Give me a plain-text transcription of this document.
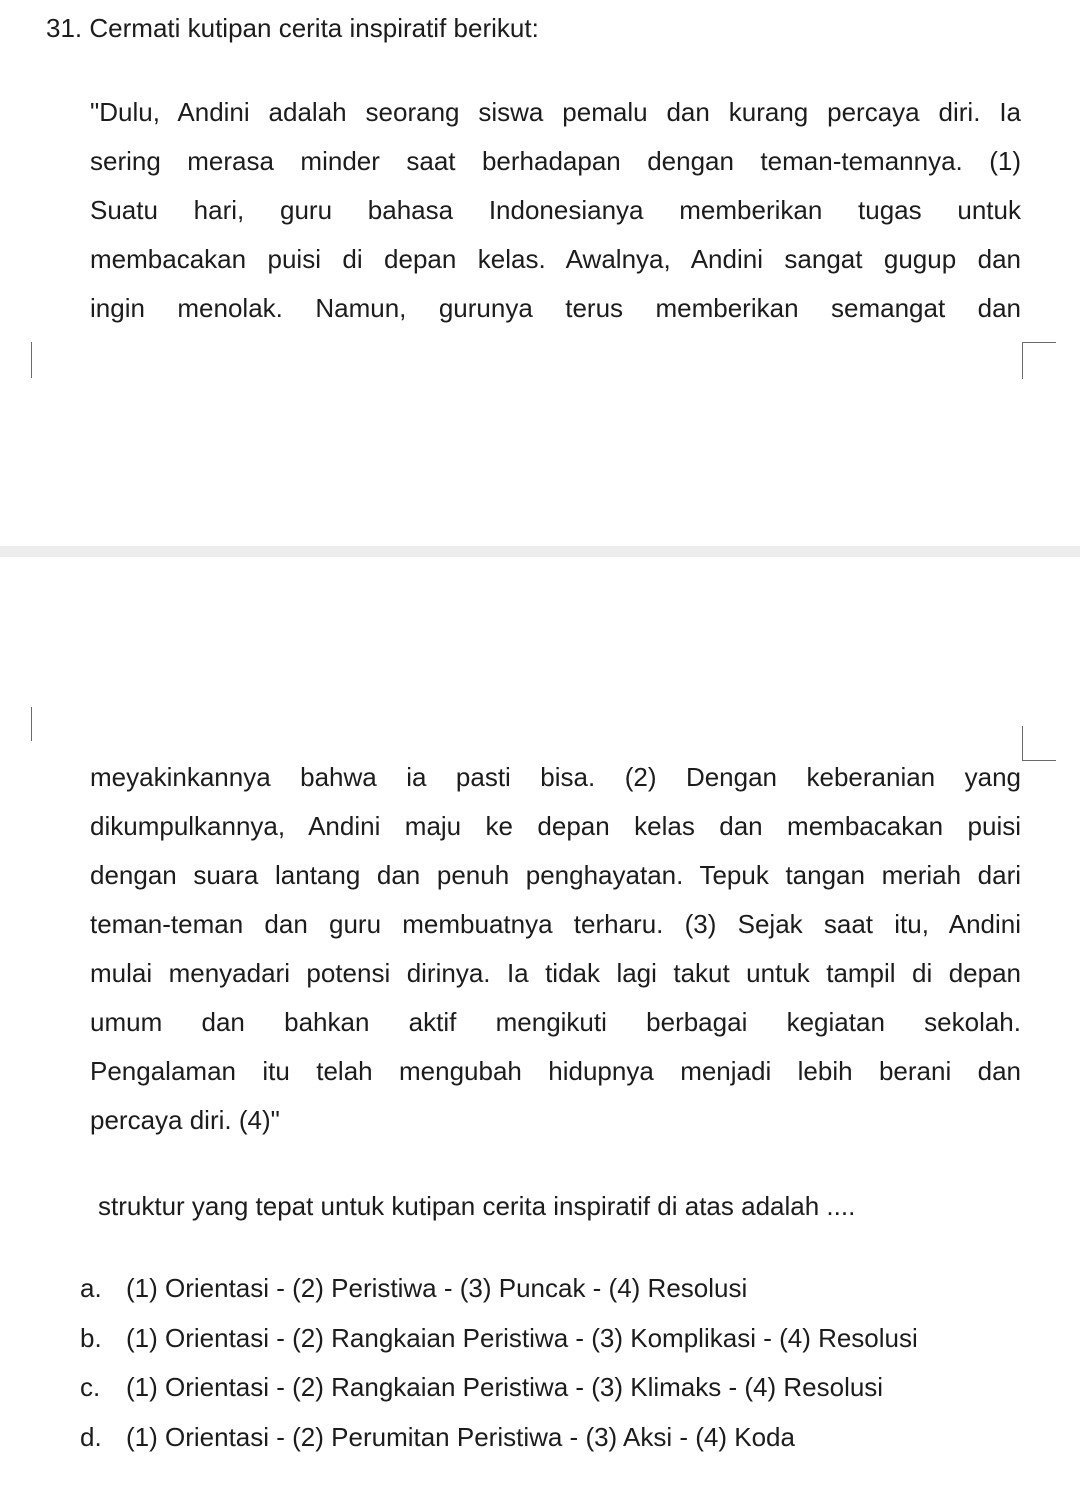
31. Cermati kutipan cerita inspiratif berikut:
"Dulu, Andini adalah seorang siswa pemalu dan kurang percaya diri. Ia
sering merasa minder saat berhadapan dengan teman-temannya. (1)
Suatu hari, guru bahasa Indonesianya memberikan tugas untuk
membacakan puisi di depan kelas. Awalnya, Andini sangat gugup dan
ingin menolak. Namun, gurunya terus memberikan semangat dan
meyakinkannya bahwa ia pasti bisa. (2) Dengan keberanian yang
dikumpulkannya, Andini maju ke depan kelas dan membacakan puisi
dengan suara lantang dan penuh penghayatan. Tepuk tangan meriah dari
teman-teman dan guru membuatnya terharu. (3) Sejak saat itu, Andini
mulai menyadari potensi dirinya. Ia tidak lagi takut untuk tampil di depan
umum dan bahkan aktif mengikuti berbagai kegiatan sekolah.
Pengalaman itu telah mengubah hidupnya menjadi lebih berani dan
percaya diri. (4)"
struktur yang tepat untuk kutipan cerita inspiratif di atas adalah ....
a. (1) Orientasi - (2) Peristiwa - (3) Puncak - (4) Resolusi
b. (1) Orientasi - (2) Rangkaian Peristiwa - (3) Komplikasi - (4) Resolusi
c. (1) Orientasi - (2) Rangkaian Peristiwa - (3) Klimaks - (4) Resolusi
d. (1) Orientasi - (2) Perumitan Peristiwa - (3) Aksi - (4) Koda
